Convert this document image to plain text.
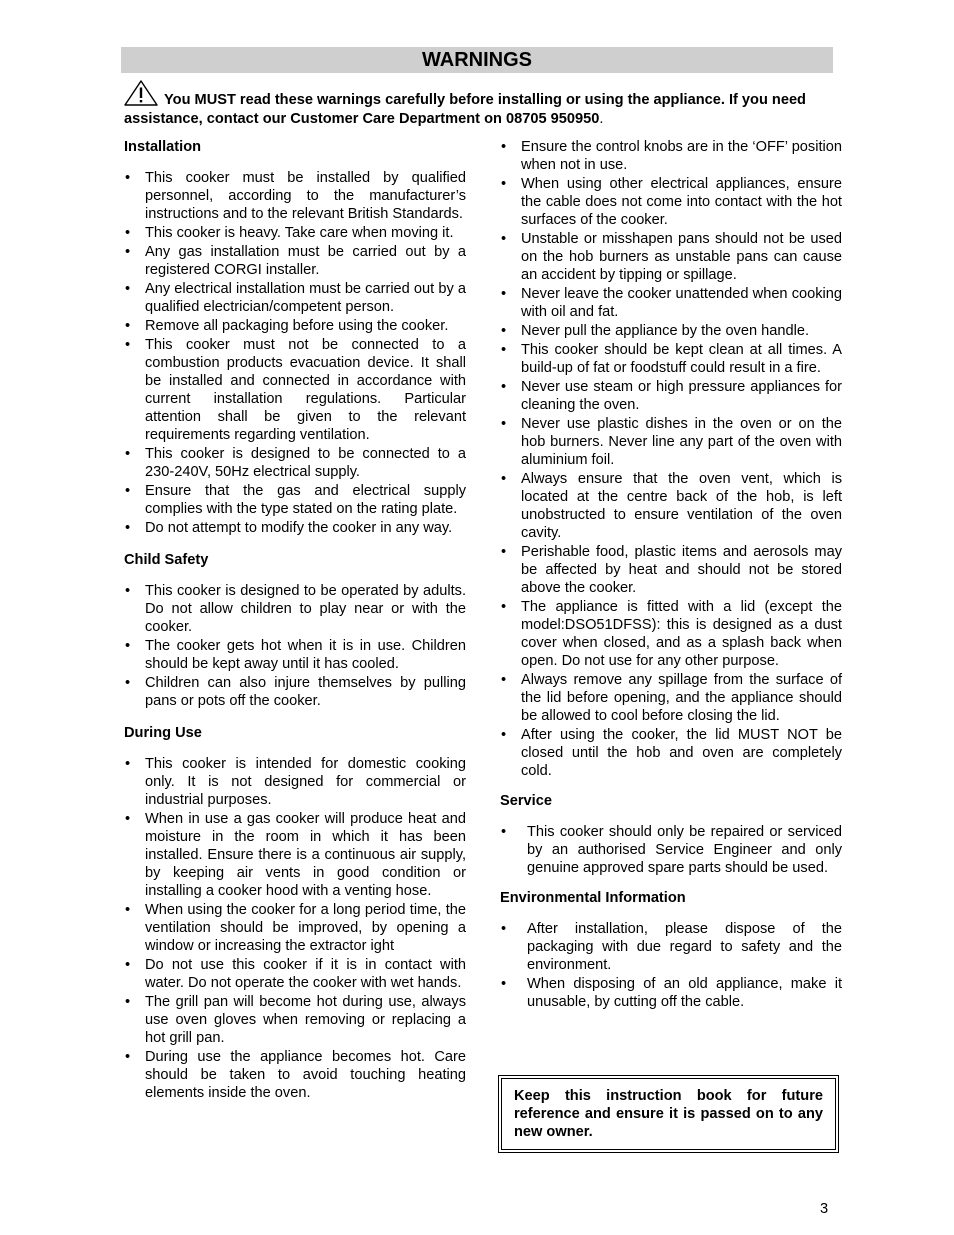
WARNINGS
You MUST read these warnings carefully before installing or using the appliance. If you need assistance, contact our Customer Care Department on 08705 950950.
Installation
• This cooker must be installed by qualified personnel, according to the manufacturer’s instructions and to the relevant British Standards.
• This cooker is heavy. Take care when moving it.
• Any gas installation must be carried out by a registered CORGI installer.
• Any electrical installation must be carried out by a qualified electrician/competent person.
• Remove all packaging before using the cooker.
• This cooker must not be connected to a combustion products evacuation device. It shall be installed and connected in accordance with current installation regulations. Particular attention shall be given to the relevant requirements regarding ventilation.
• This cooker is designed to be connected to a 230-240V, 50Hz electrical supply.
• Ensure that the gas and electrical supply complies with the type stated on the rating plate.
• Do not attempt to modify the cooker in any way.
Child Safety
• This cooker is designed to be operated by adults. Do not allow children to play near or with the cooker.
• The cooker gets hot when it is in use. Children should be kept away until it has cooled.
• Children can also injure themselves by pulling pans or pots off the cooker.
During Use
• This cooker is intended for domestic cooking only. It is not designed for commercial or industrial purposes.
• When in use a gas cooker will produce heat and moisture in the room in which it has been installed. Ensure there is a continuous air supply, by keeping air vents in good condition or installing a cooker hood with a venting hose.
• When using the cooker for a long period time, the ventilation should be improved, by opening a window or increasing the extractor ight
• Do not use this cooker if it is in contact with water. Do not operate the cooker with wet hands.
• The grill pan will become hot during use, always use oven gloves when removing or replacing a hot grill pan.
• During use the appliance becomes hot. Care should be taken to avoid touching heating elements inside the oven.
• Ensure the control knobs are in the ‘OFF’ position when not in use.
• When using other electrical appliances, ensure the cable does not come into contact with the hot surfaces of the cooker.
• Unstable or misshapen pans should not be used on the hob burners as unstable pans can cause an accident by tipping or spillage.
• Never leave the cooker unattended when cooking with oil and fat.
• Never pull the appliance by the oven handle.
• This cooker should be kept clean at all times. A build-up of fat or foodstuff could result in a fire.
• Never use steam or high pressure appliances for cleaning the oven.
• Never use plastic dishes in the oven or on the hob burners. Never line any part of the oven with aluminium foil.
• Always ensure that the oven vent, which is located at the centre back of the hob, is left unobstructed to ensure ventilation of the oven cavity.
• Perishable food, plastic items and aerosols may be affected by heat and should not be stored above the cooker.
• The appliance is fitted with a lid (except the model:DSO51DFSS): this is designed as a dust cover when closed, and as a splash back when open. Do not use for any other purpose.
• Always remove any spillage from the surface of the lid before opening, and the appliance should be allowed to cool before closing the lid.
• After using the cooker, the lid MUST NOT be closed until the hob and oven are completely cold.
Service
• This cooker should only be repaired or serviced by an authorised Service Engineer and only genuine approved spare parts should be used.
Environmental Information
• After installation, please dispose of the packaging with due regard to safety and the environment.
• When disposing of an old appliance, make it unusable, by cutting off the cable.
Keep this instruction book for future reference and ensure it is passed on to any new owner.
3
